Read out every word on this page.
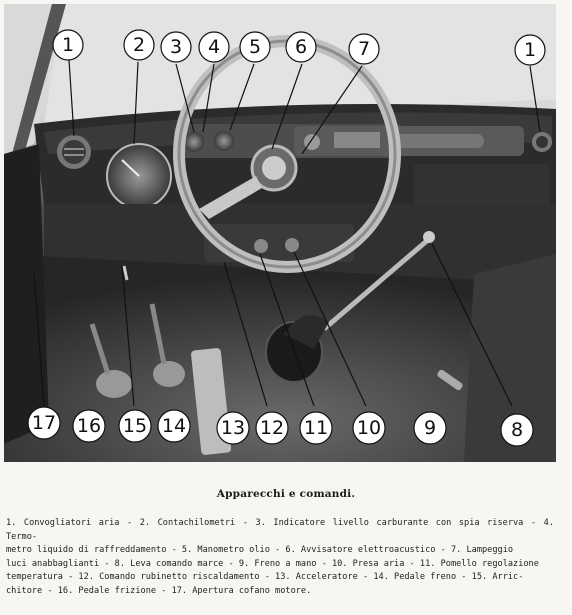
1	2 3 4 5 6	7	1
17 16 15 14 13 12 11 10 9	8
Apparecchi e comandi.
1. Convogliatori aria - 2. Contachilometri - 3. Indicatore livello carburante con spia riserva - 4. Termo-
metro liquido di raffreddamento - 5. Manometro olio - 6. Avvisatore elettroacustico - 7. Lampeggio
luci anabbaglianti - 8. Leva comando marce - 9. Freno a mano - 10. Presa aria - 11. Pomello regolazione
temperatura - 12. Comando rubinetto riscaldamento - 13. Acceleratore - 14. Pedale freno - 15. Arric-
chitore - 16. Pedale frizione - 17. Apertura cofano motore.
